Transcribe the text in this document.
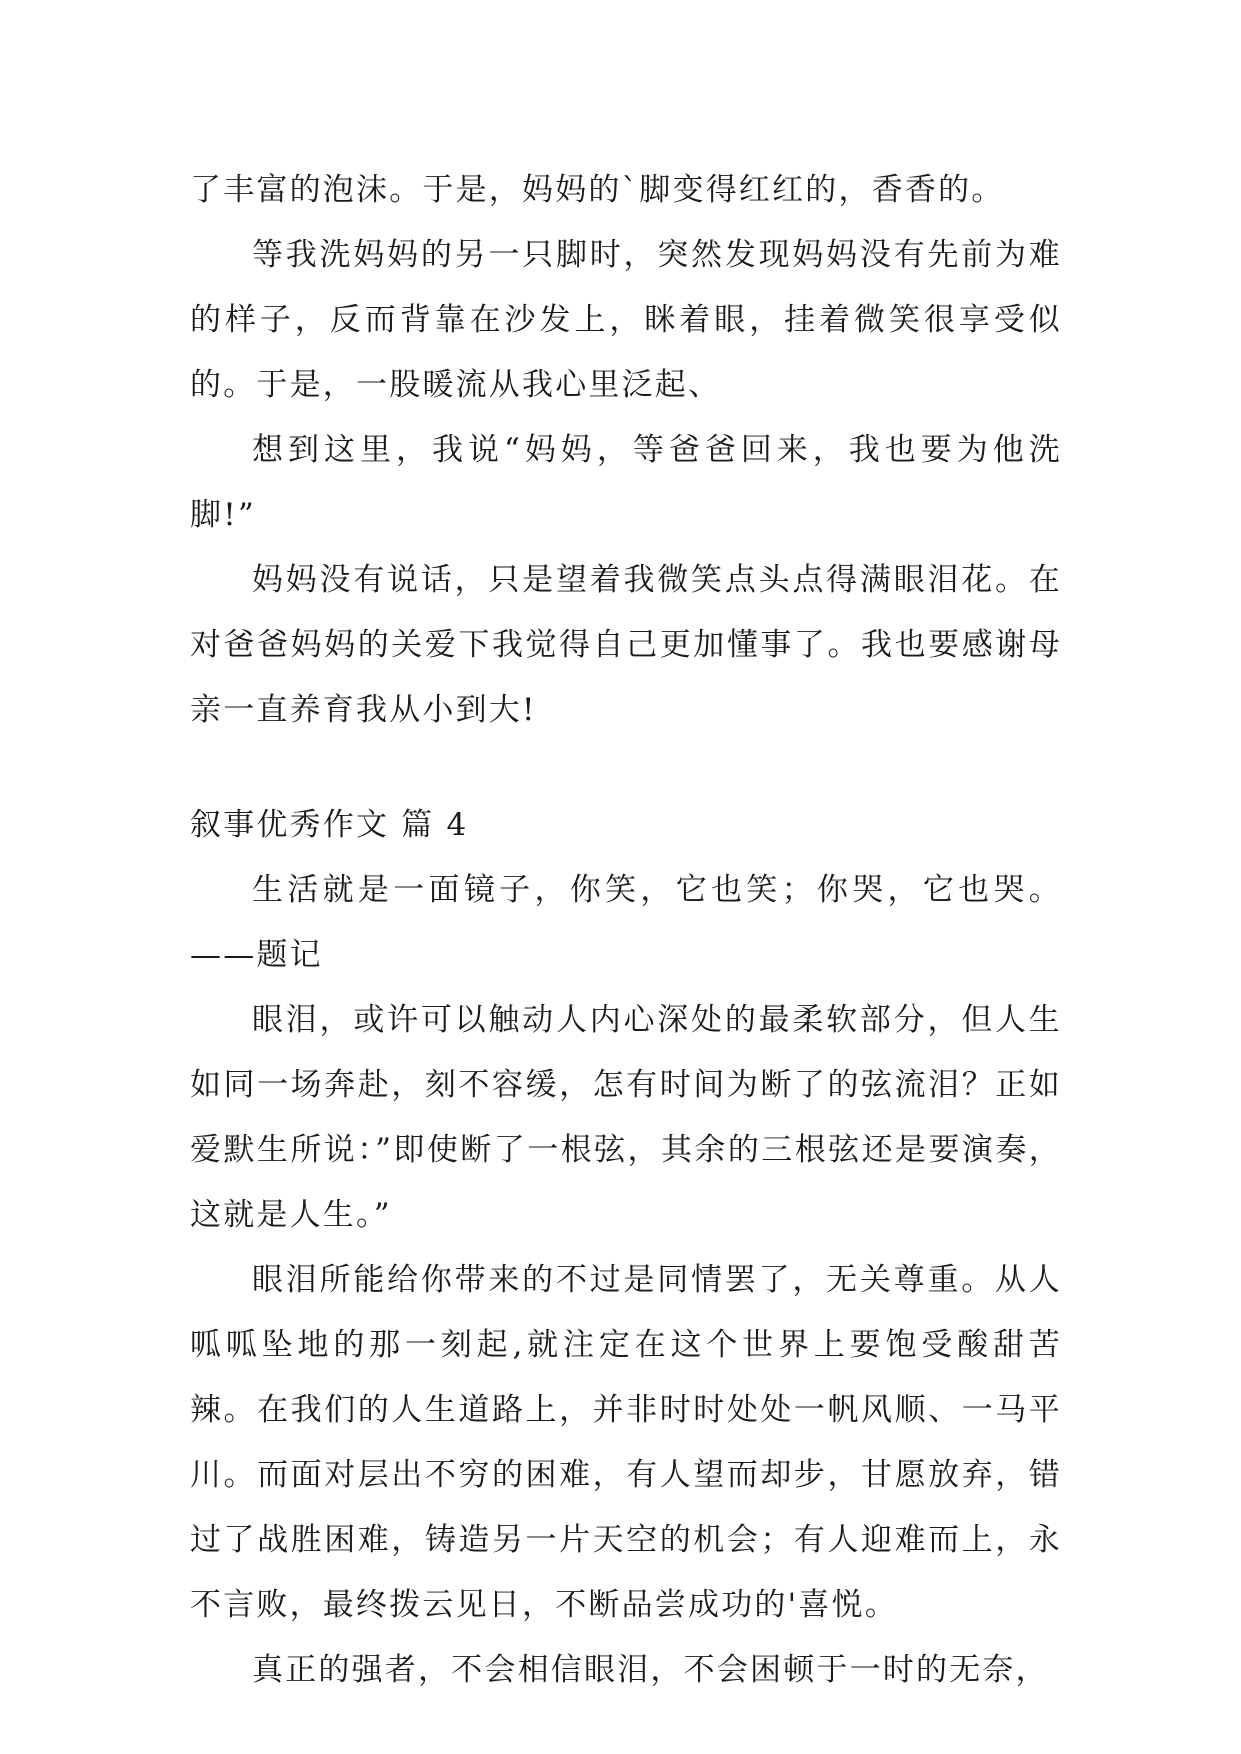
了丰富的泡沫。于是，妈妈的`脚变得红红的，香香的。

等我洗妈妈的另一只脚时，突然发现妈妈没有先前为难的样子，反而背靠在沙发上，眯着眼，挂着微笑很享受似的。于是，一股暖流从我心里泛起、

想到这里，我说“妈妈，等爸爸回来，我也要为他洗脚!”

妈妈没有说话，只是望着我微笑点头点得满眼泪花。在对爸爸妈妈的关爱下我觉得自己更加懂事了。我也要感谢母亲一直养育我从小到大!

叙事优秀作文 篇 4

生活就是一面镜子，你笑，它也笑；你哭，它也哭。——题记

眼泪，或许可以触动人内心深处的最柔软部分，但人生如同一场奔赴，刻不容缓，怎有时间为断了的弦流泪？正如爱默生所说：”即使断了一根弦，其余的三根弦还是要演奏，这就是人生。”

眼泪所能给你带来的不过是同情罢了，无关尊重。从人呱呱坠地的那一刻起,就注定在这个世界上要饱受酸甜苦辣。在我们的人生道路上，并非时时处处一帆风顺、一马平川。而面对层出不穷的困难，有人望而却步，甘愿放弃，错过了战胜困难，铸造另一片天空的机会；有人迎难而上，永不言败，最终拨云见日，不断品尝成功的'喜悦。

真正的强者，不会相信眼泪，不会困顿于一时的无奈，
